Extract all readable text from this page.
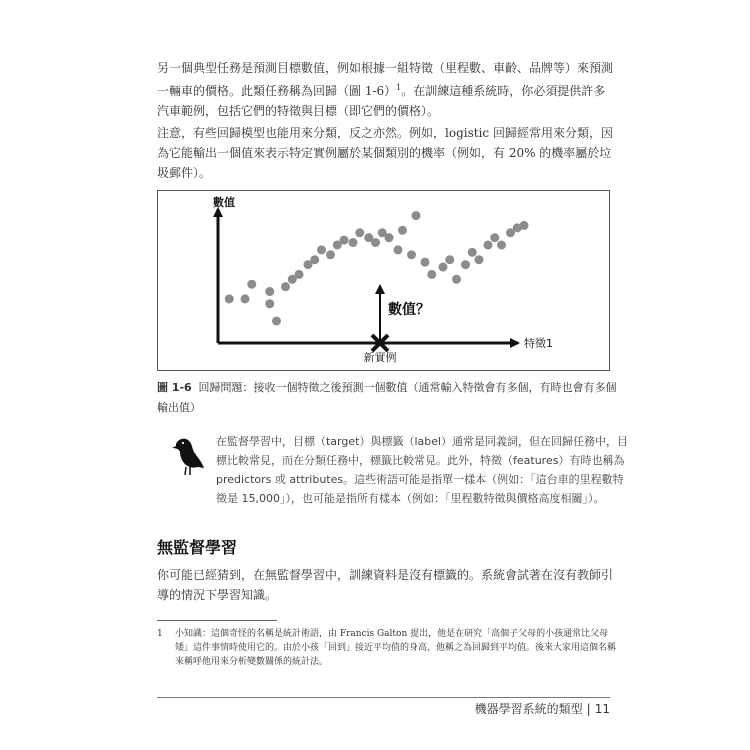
另一個典型任務是預測目標數值，例如根據一組特徵（里程數、車齡、品牌等）來預測一輛車的價格。此類任務稱為回歸（圖 1-6）$^1$。在訓練這種系統時，你必須提供許多汽車範例，包括它們的特徵與目標（即它們的價格）。

注意，有些回歸模型也能用來分類，反之亦然。例如，logistic 回歸經常用來分類，因為它能輸出一個值來表示特定實例屬於某個類別的機率（例如，有 20% 的機率屬於垃圾郵件）。

數值
特徵1
數值？
新實例
圖 1-6 回歸問題：接收一個特徵之後預測一個數值（通常輸入特徵會有多個，有時也會有多個輸出值）
在監督學習中，目標（target）與標籤（label）通常是同義詞，但在回歸任務中，目標比較常見，而在分類任務中，標籤比較常見。此外，特徵（features）有時也稱為 predictors 或 attributes。這些術語可能是指單一樣本（例如：「這台車的里程數特徵是 15,000」），也可能是指所有樣本（例如：「里程數特徵與價格高度相關」）。
無監督學習

你可能已經猜到，在無監督學習中，訓練資料是沒有標籤的。系統會試著在沒有教師引導的情況下學習知識。

1 小知識：這個奇怪的名稱是統計術語，由 Francis Galton 提出，他是在研究「高個子父母的小孩通常比父母矮」這件事情時使用它的。由於小孩「回到」接近平均值的身高，他稱之為回歸到平均值。後來大家用這個名稱來稱呼他用來分析變數關係的統計法。
機器學習系統的類型 | 11
